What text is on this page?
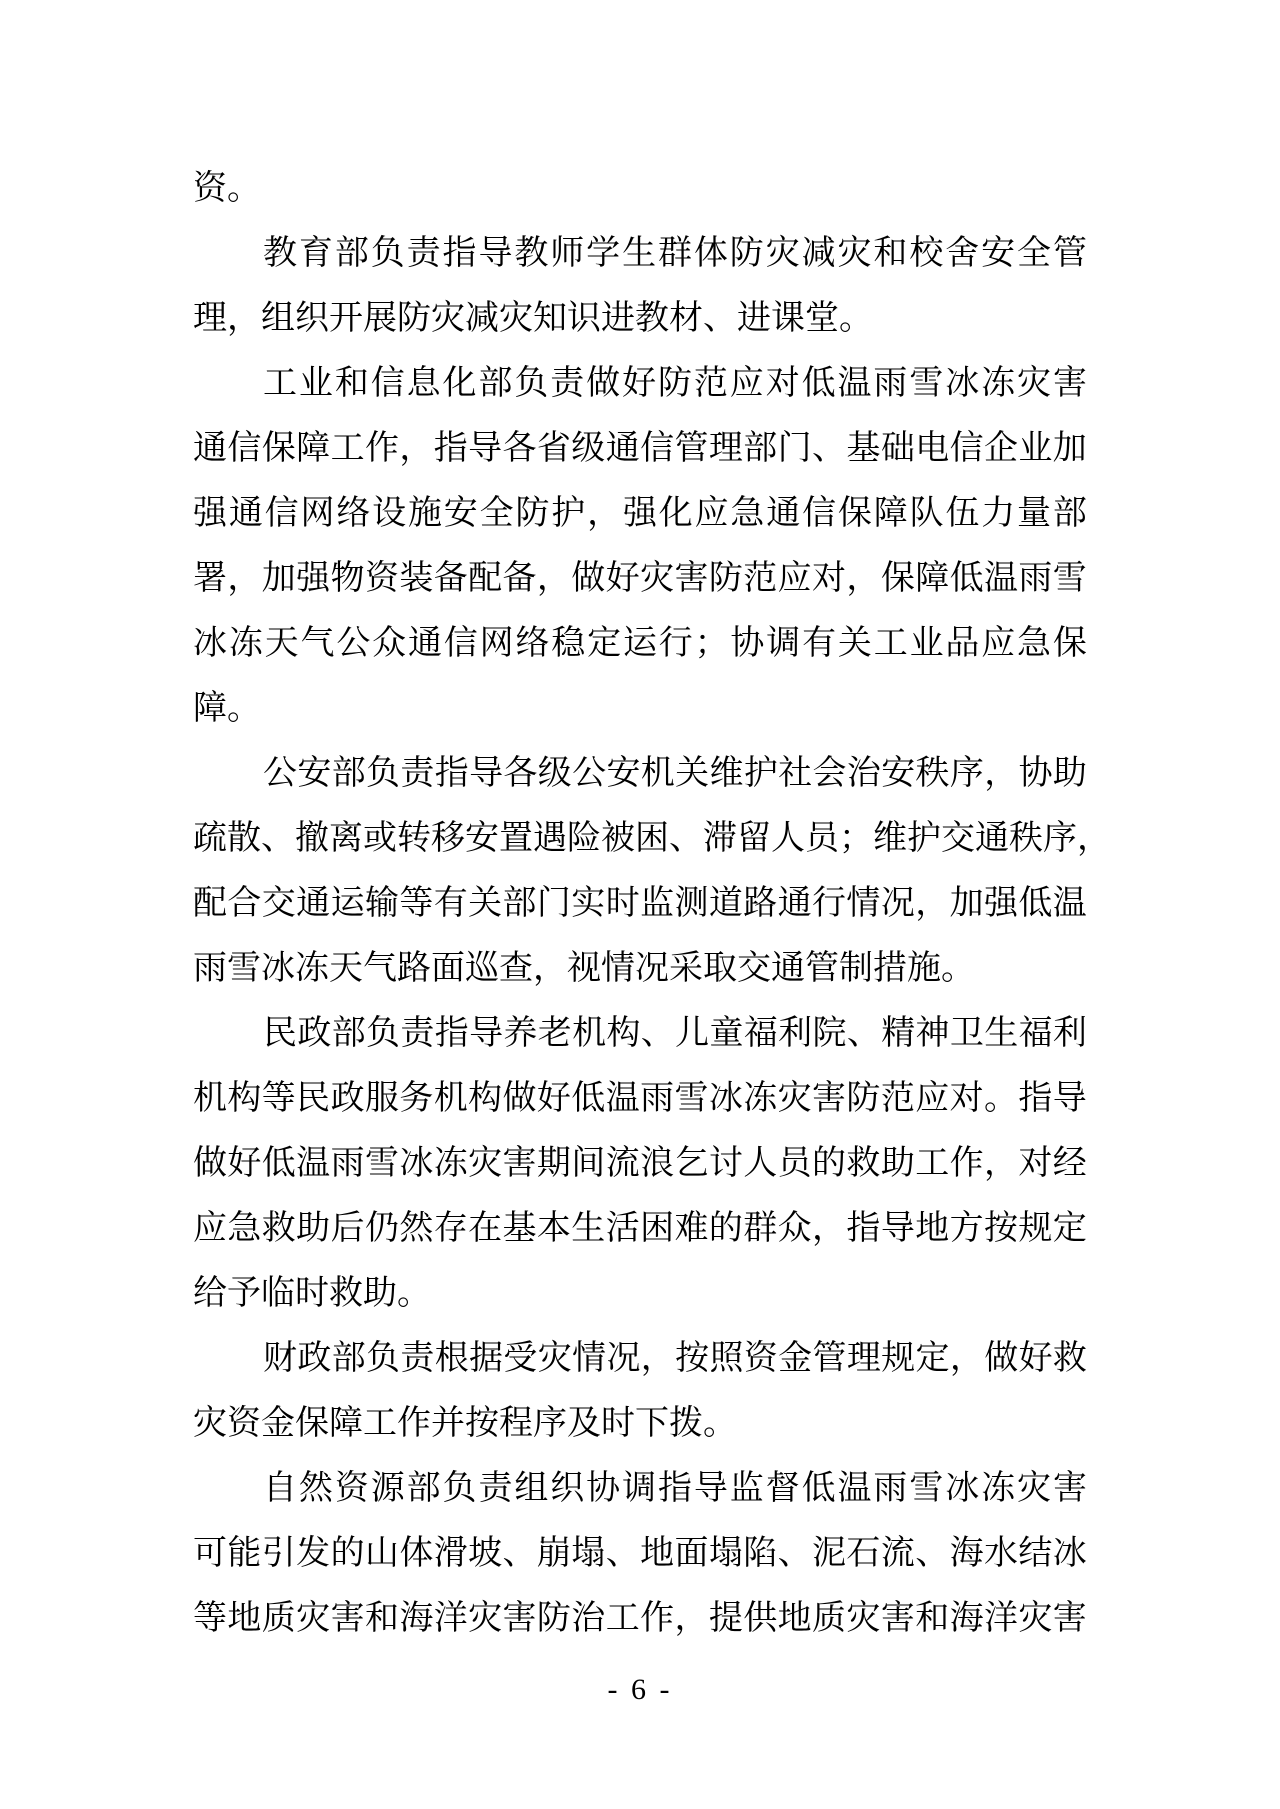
资。
教 育 部 负 责 指 导 教 师 学 生 群 体 防 灾 减 灾 和 校 舍 安 全 管
理，组织开展防灾减灾知识进教材、进课堂。
工 业 和 信 息 化 部 负 责 做 好 防 范 应 对 低 温 雨 雪 冰 冻 灾 害
通 信 保 障 工 作 ， 指 导 各 省 级 通 信 管 理 部 门 、 基 础 电 信 企 业 加
强 通 信 网 络 设 施 安 全 防 护 ， 强 化 应 急 通 信 保 障 队 伍 力 量 部
署 ， 加 强 物 资 装 备 配 备 ， 做 好 灾 害 防 范 应 对 ， 保 障 低 温 雨 雪
冰 冻 天 气 公 众 通 信 网 络 稳 定 运 行 ； 协 调 有 关 工 业 品 应 急 保
障。
公 安 部 负 责 指 导 各 级 公 安 机 关 维 护 社 会 治 安 秩 序 ， 协 助
疏 散 、 撤 离 或 转 移 安 置 遇 险 被 困 、 滞 留 人 员 ； 维 护 交 通 秩 序 ，
配 合 交 通 运 输 等 有 关 部 门 实 时 监 测 道 路 通 行 情 况 ， 加 强 低 温
雨雪冰冻天气路面巡查，视情况采取交通管制措施。
民 政 部 负 责 指 导 养 老 机 构 、 儿 童 福 利 院 、 精 神 卫 生 福 利
机 构 等 民 政 服 务 机 构 做 好 低 温 雨 雪 冰 冻 灾 害 防 范 应 对 。 指 导
做 好 低 温 雨 雪 冰 冻 灾 害 期 间 流 浪 乞 讨 人 员 的 救 助 工 作 ， 对 经
应 急 救 助 后 仍 然 存 在 基 本 生 活 困 难 的 群 众 ， 指 导 地 方 按 规 定
给予临时救助。
财 政 部 负 责 根 据 受 灾 情 况 ， 按 照 资 金 管 理 规 定 ， 做 好 救
灾资金保障工作并按程序及时下拨。
自 然 资 源 部 负 责 组 织 协 调 指 导 监 督 低 温 雨 雪 冰 冻 灾 害
可 能 引 发 的 山 体 滑 坡 、 崩 塌 、 地 面 塌 陷 、 泥 石 流 、 海 水 结 冰
等 地 质 灾 害 和 海 洋 灾 害 防 治 工 作 ， 提 供 地 质 灾 害 和 海 洋 灾 害
- 6 -
